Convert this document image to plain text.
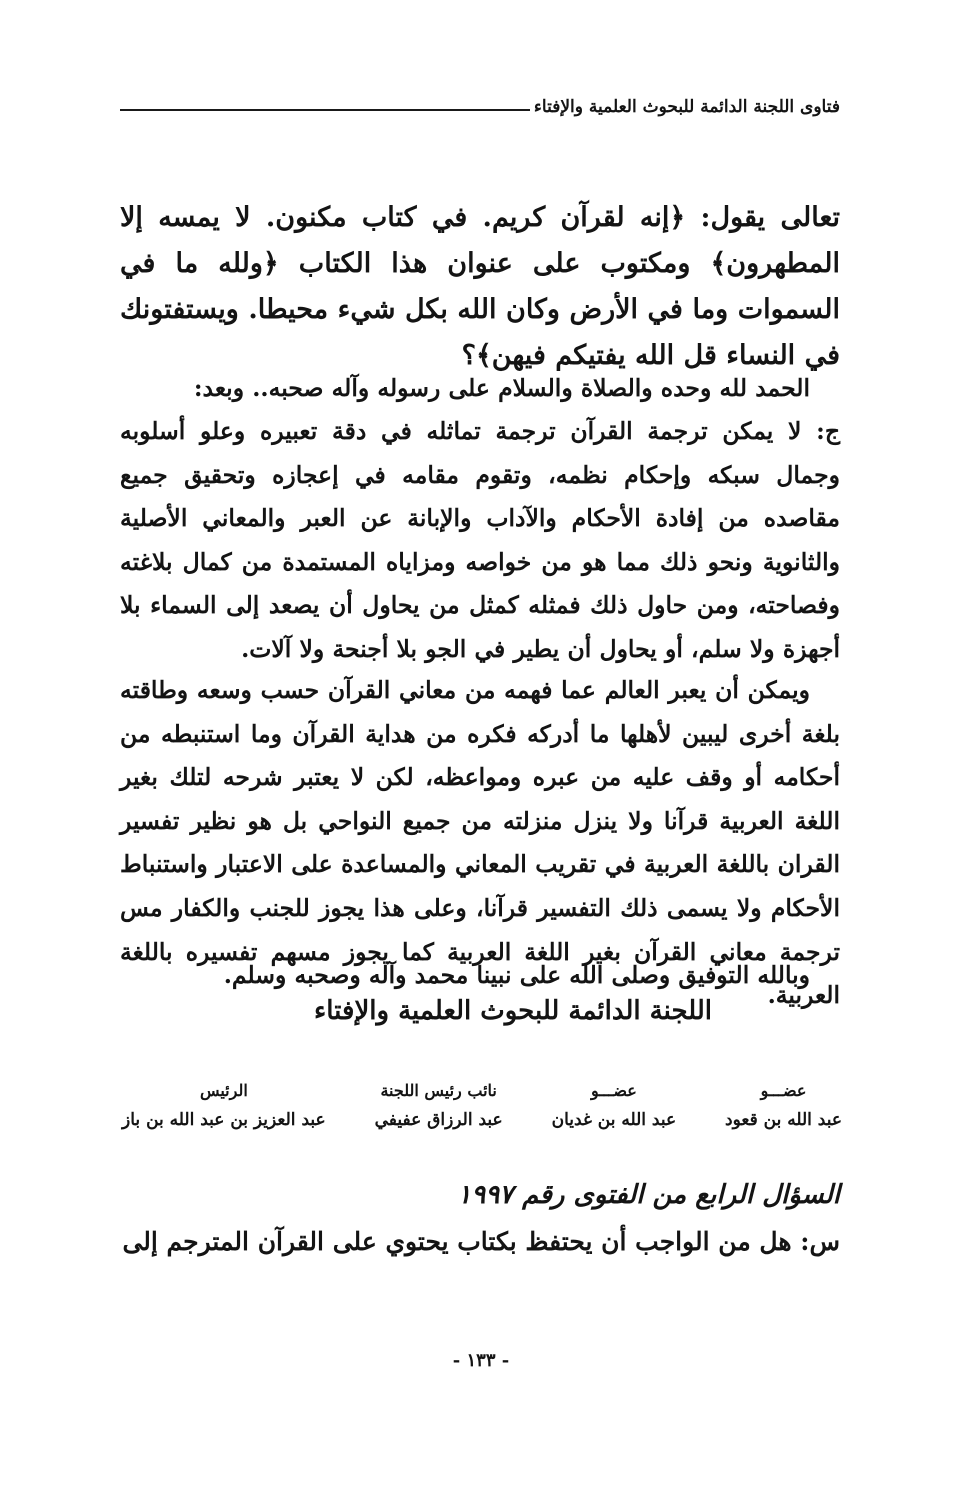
فتاوى اللجنة الدائمة للبحوث العلمية والإفتاء

تعالى يقول: ﴿إنه لقرآن كريم. في كتاب مكنون. لا يمسه إلا المطهرون﴾ ومكتوب على عنوان هذا الكتاب ﴿ولله ما في السموات وما في الأرض وكان الله بكل شيء محيطا. ويستفتونك في النساء قل الله يفتيكم فيهن﴾؟

الحمد لله وحده والصلاة والسلام على رسوله وآله صحبه.. وبعد:

ج: لا يمكن ترجمة القرآن ترجمة تماثله في دقة تعبيره وعلو أسلوبه وجمال سبكه وإحكام نظمه، وتقوم مقامه في إعجازه وتحقيق جميع مقاصده من إفادة الأحكام والآداب والإبانة عن العبر والمعاني الأصلية والثانوية ونحو ذلك مما هو من خواصه ومزاياه المستمدة من كمال بلاغته وفصاحته، ومن حاول ذلك فمثله كمثل من يحاول أن يصعد إلى السماء بلا أجهزة ولا سلم، أو يحاول أن يطير في الجو بلا أجنحة ولا آلات.

ويمكن أن يعبر العالم عما فهمه من معاني القرآن حسب وسعه وطاقته بلغة أخرى ليبين لأهلها ما أدركه فكره من هداية القرآن وما استنبطه من أحكامه أو وقف عليه من عبره ومواعظه، لكن لا يعتبر شرحه لتلك بغير اللغة العربية قرآنا ولا ينزل منزلته من جميع النواحي بل هو نظير تفسير القران باللغة العربية في تقريب المعاني والمساعدة على الاعتبار واستنباط الأحكام ولا يسمى ذلك التفسير قرآنا، وعلى هذا يجوز للجنب والكفار مس ترجمة معاني القرآن بغير اللغة العربية كما يجوز مسهم تفسيره باللغة العربية.

وبالله التوفيق وصلى الله على نبينا محمد وآله وصحبه وسلم.

اللجنة الدائمة للبحوث العلمية والإفتاء
عضـــو
عبد الله بن قعود
عضـــو
عبد الله بن غديان
نائب رئيس اللجنة
عبد الرزاق عفيفي
الرئيس
عبد العزيز بن عبد الله بن باز
السؤال الرابع من الفتوى رقم ١٩٩٧
س: هل من الواجب أن يحتفظ بكتاب يحتوي على القرآن المترجم إلى
- ١٣٣ -
